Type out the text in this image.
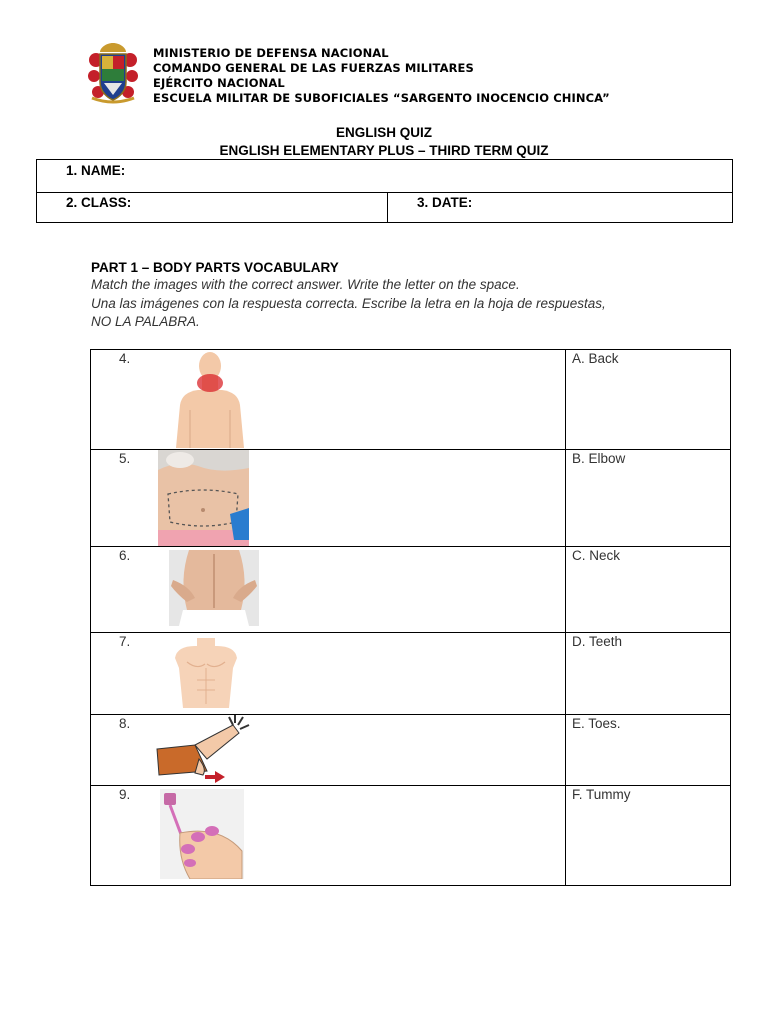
MINISTERIO DE DEFENSA NACIONAL
COMANDO GENERAL DE LAS FUERZAS MILITARES
EJÉRCITO NACIONAL
ESCUELA MILITAR DE SUBOFICIALES “SARGENTO INOCENCIO CHINCA”
ENGLISH QUIZ
ENGLISH ELEMENTARY PLUS – THIRD TERM QUIZ
1. NAME:
2. CLASS:	3. DATE:
PART 1 – BODY PARTS VOCABULARY
Match the images with the correct answer. Write the letter on the space.
Una las imágenes con la respuesta correcta. Escribe la letra en la hoja de respuestas,
NO LA PALABRA.
4.	A. Back
5.	B. Elbow
6.	C. Neck
7.	D. Teeth
8.	E. Toes.
9.	F. Tummy
